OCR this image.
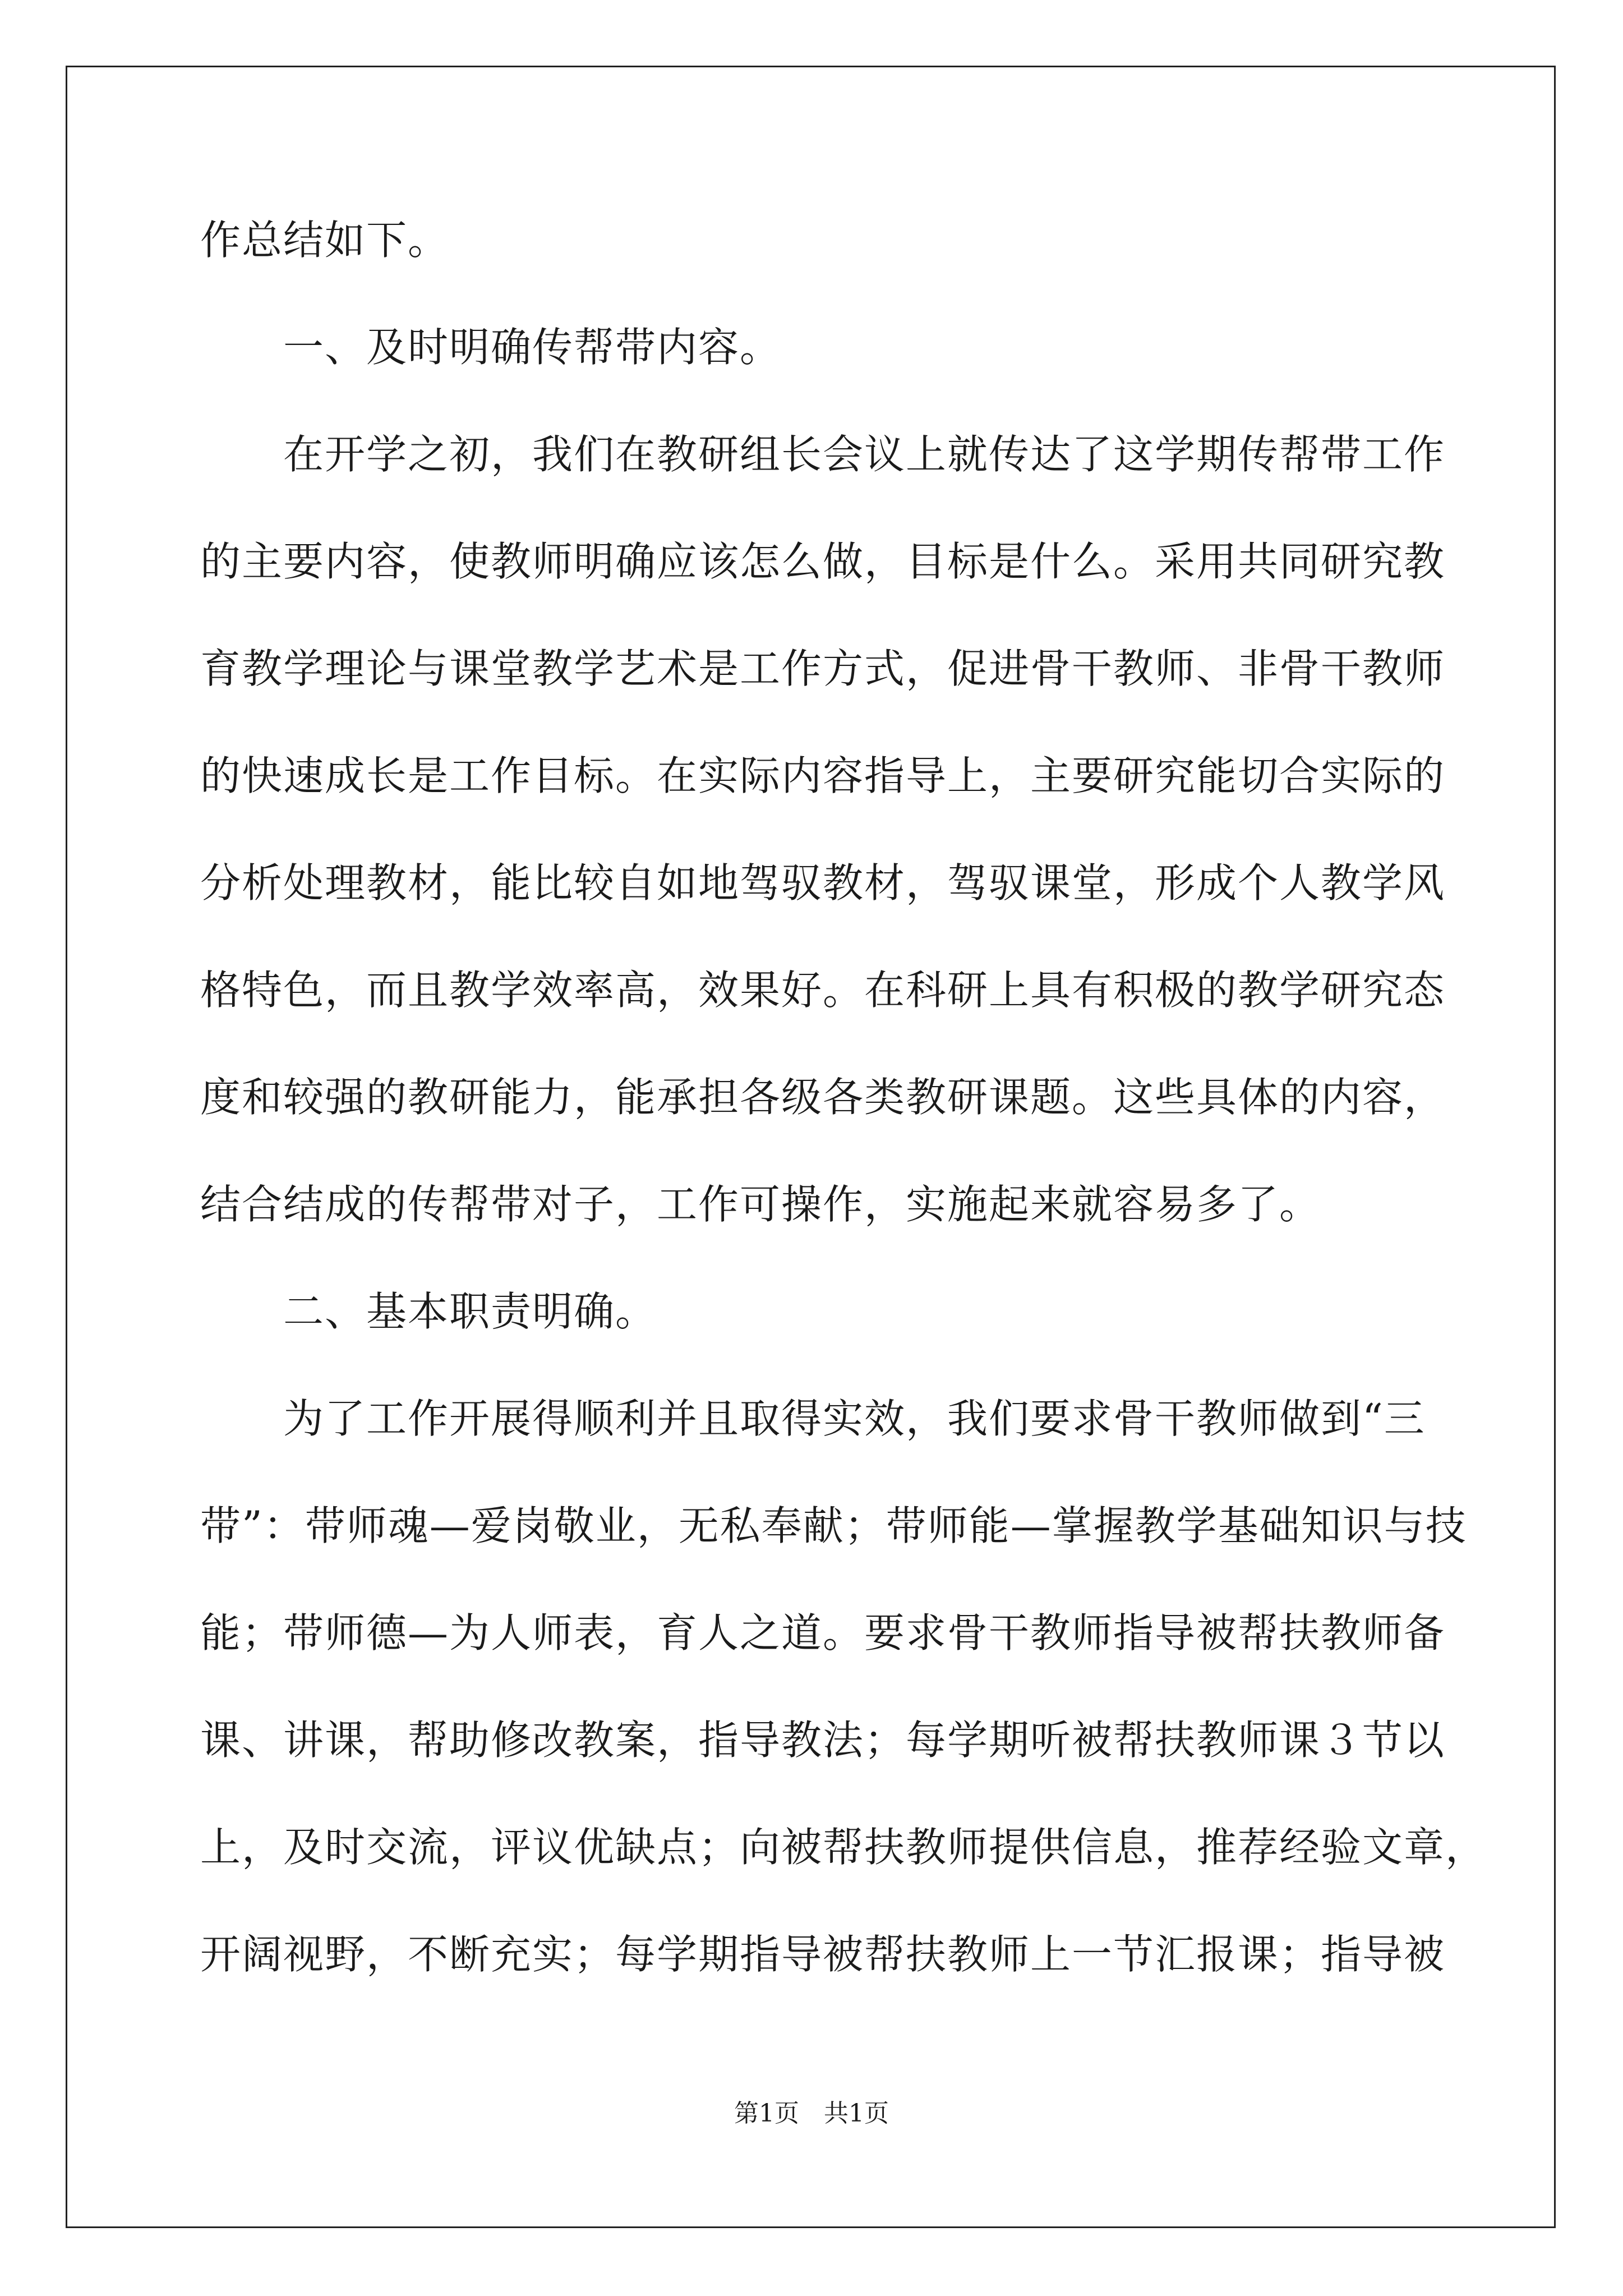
作总结如下。
　　一、及时明确传帮带内容。
　　在开学之初，我们在教研组长会议上就传达了这学期传帮带工作
的主要内容，使教师明确应该怎么做，目标是什么。采用共同研究教
育教学理论与课堂教学艺术是工作方式，促进骨干教师、非骨干教师
的快速成长是工作目标。在实际内容指导上，主要研究能切合实际的
分析处理教材，能比较自如地驾驭教材，驾驭课堂，形成个人教学风
格特色，而且教学效率高，效果好。在科研上具有积极的教学研究态
度和较强的教研能力，能承担各级各类教研课题。这些具体的内容，
结合结成的传帮带对子，工作可操作，实施起来就容易多了。
　　二、基本职责明确。
　　为了工作开展得顺利并且取得实效，我们要求骨干教师做到“三
带”：带师魂—爱岗敬业，无私奉献；带师能—掌握教学基础知识与技
能；带师德—为人师表，育人之道。要求骨干教师指导被帮扶教师备
课、讲课，帮助修改教案，指导教法；每学期听被帮扶教师课３节以
上，及时交流，评议优缺点；向被帮扶教师提供信息，推荐经验文章，
开阔视野，不断充实；每学期指导被帮扶教师上一节汇报课；指导被
第1页　共1页
